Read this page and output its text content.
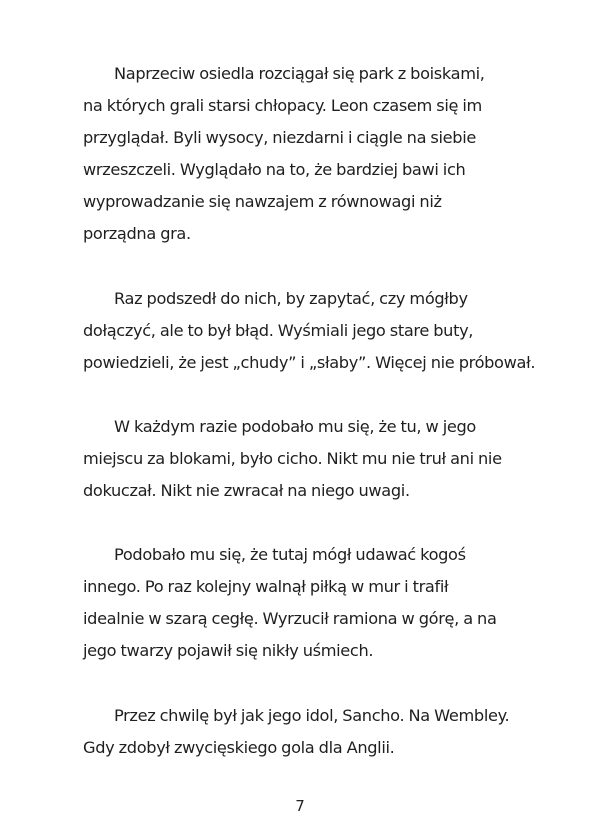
Naprzeciw osiedla rozciągał się park z boiskami,
na których grali starsi chłopacy. Leon czasem się im
przyglądał. Byli wysocy, niezdarni i ciągle na siebie
wrzeszczeli. Wyglądało na to, że bardziej bawi ich
wyprowadzanie się nawzajem z równowagi niż
porządna gra.

Raz podszedł do nich, by zapytać, czy mógłby
dołączyć, ale to był błąd. Wyśmiali jego stare buty,
powiedzieli, że jest „chudy” i „słaby”. Więcej nie próbował.

W każdym razie podobało mu się, że tu, w jego
miejscu za blokami, było cicho. Nikt mu nie truł ani nie
dokuczał. Nikt nie zwracał na niego uwagi.

Podobało mu się, że tutaj mógł udawać kogoś
innego. Po raz kolejny walnął piłką w mur i trafił
idealnie w szarą cegłę. Wyrzucił ramiona w górę, a na
jego twarzy pojawił się nikły uśmiech.

Przez chwilę był jak jego idol, Sancho. Na Wembley.
Gdy zdobył zwycięskiego gola dla Anglii.

7
